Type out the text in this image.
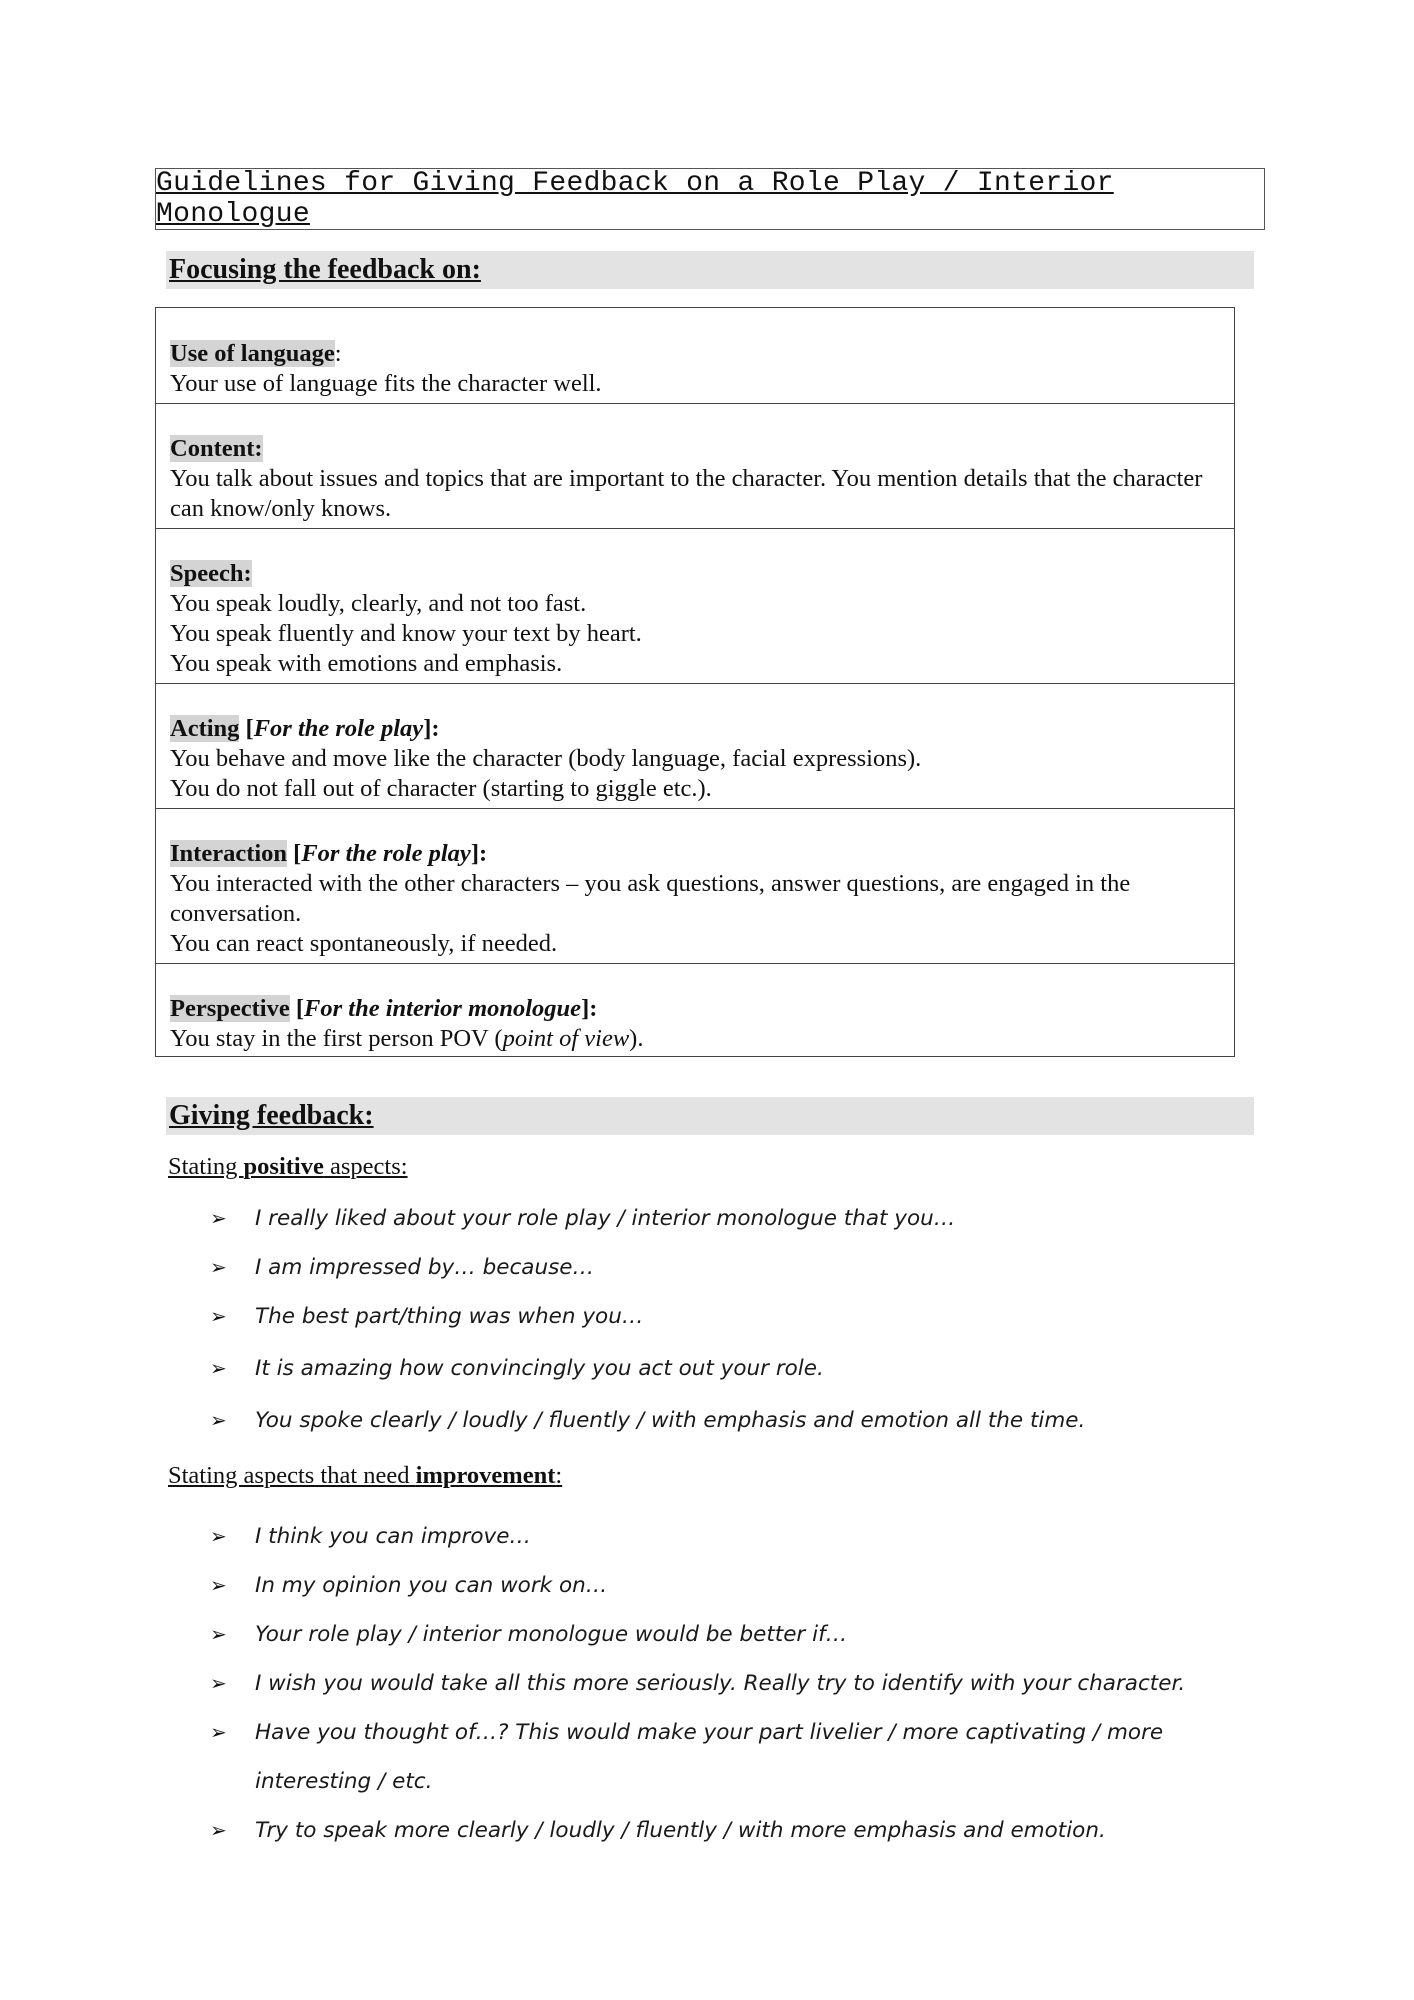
Guidelines for Giving Feedback on a Role Play / Interior Monologue
Focusing the feedback on:

Use of language:

Your use of language fits the character well.

Content:

You talk about issues and topics that are important to the character. You mention details that the character can know/only knows.

Speech:

You speak loudly, clearly, and not too fast.

You speak fluently and know your text by heart.

You speak with emotions and emphasis.

Acting [For the role play]:

You behave and move like the character (body language, facial expressions).

You do not fall out of character (starting to giggle etc.).

Interaction [For the role play]:

You interacted with the other characters – you ask questions, answer questions, are engaged in the conversation.

You can react spontaneously, if needed.

Perspective [For the interior monologue]:

You stay in the first person POV (point of view).

Giving feedback:
Stating positive aspects:
➢ I really liked about your role play / interior monologue that you…
➢ I am impressed by… because…
➢ The best part/thing was when you…
➢ It is amazing how convincingly you act out your role.
➢ You spoke clearly / loudly / fluently / with emphasis and emotion all the time.
Stating aspects that need improvement:
➢ I think you can improve…
➢ In my opinion you can work on…
➢ Your role play / interior monologue would be better if…
➢ I wish you would take all this more seriously. Really try to identify with your character.
➢ Have you thought of…? This would make your part livelier / more captivating / more
interesting / etc.
➢ Try to speak more clearly / loudly / fluently / with more emphasis and emotion.
